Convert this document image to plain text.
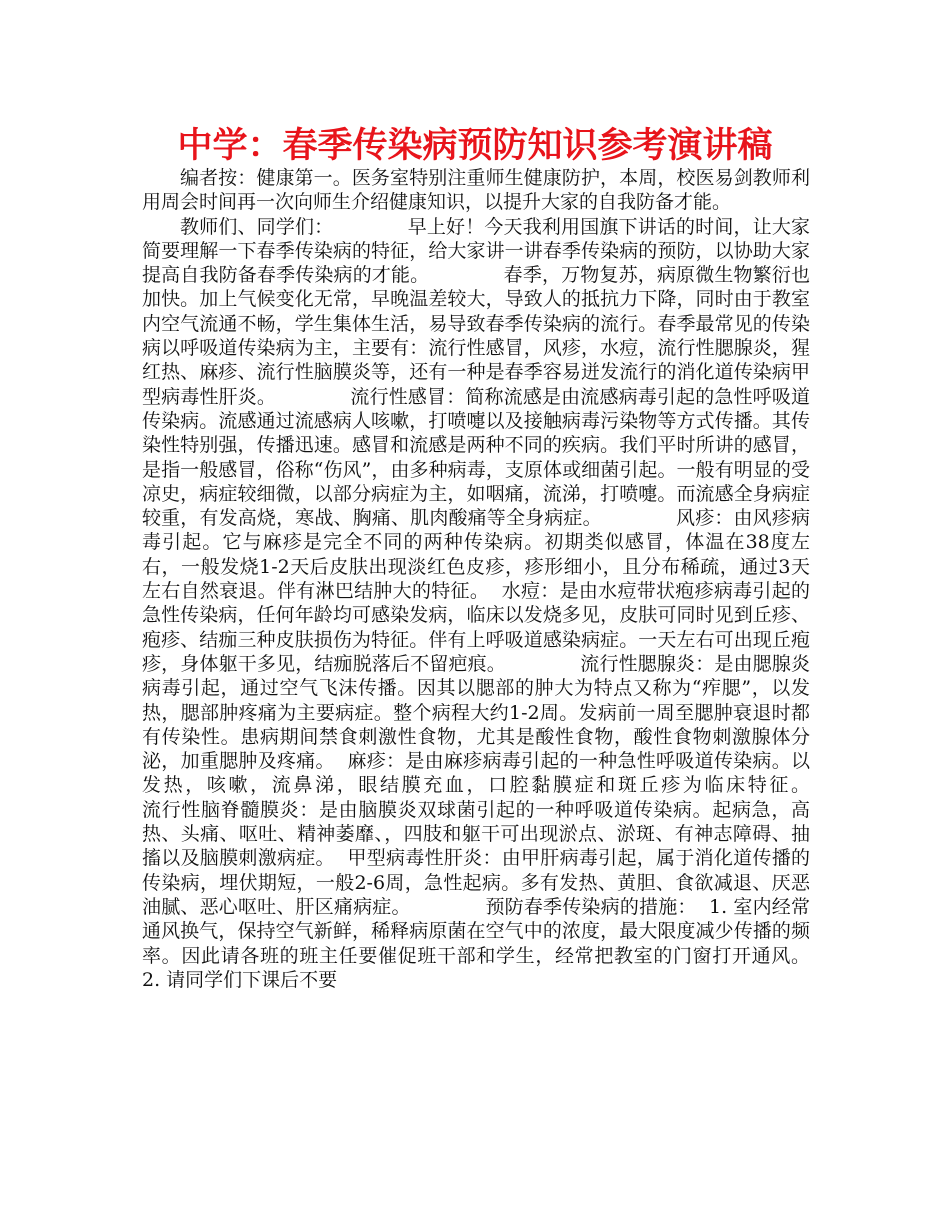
中学：春季传染病预防知识参考演讲稿

编者按：健康第一。医务室特别注重师生健康防护，本周，校医易剑教师利用周会时间再一次向师生介绍健康知识，以提升大家的自我防备才能。

教师们、同学们：            早上好！今天我利用国旗下讲话的时间，让大家简要理解一下春季传染病的特征，给大家讲一讲春季传染病的预防，以协助大家提高自我防备春季传染病的才能。            春季，万物复苏，病原微生物繁衍也加快。加上气候变化无常，早晚温差较大，导致人的抵抗力下降，同时由于教室内空气流通不畅，学生集体生活，易导致春季传染病的流行。春季最常见的传染病以呼吸道传染病为主，主要有：流行性感冒，风疹，水痘，流行性腮腺炎，猩红热、麻疹、流行性脑膜炎等，还有一种是春季容易迸发流行的消化道传染病甲型病毒性肝炎。            流行性感冒：简称流感是由流感病毒引起的急性呼吸道传染病。流感通过流感病人咳嗽，打喷嚏以及接触病毒污染物等方式传播。其传染性特别强，传播迅速。感冒和流感是两种不同的疾病。我们平时所讲的感冒，是指一般感冒，俗称“伤风”，由多种病毒，支原体或细菌引起。一般有明显的受凉史，病症较细微，以部分病症为主，如咽痛，流涕，打喷嚏。而流感全身病症较重，有发高烧，寒战、胸痛、肌肉酸痛等全身病症。            风疹：由风疹病毒引起。它与麻疹是完全不同的两种传染病。初期类似感冒，体温在38度左右，一般发烧1-2天后皮肤出现淡红色皮疹，疹形细小，且分布稀疏，通过3天左右自然衰退。伴有淋巴结肿大的特征。  水痘：是由水痘带状疱疹病毒引起的急性传染病，任何年龄均可感染发病，临床以发烧多见，皮肤可同时见到丘疹、疱疹、结痂三种皮肤损伤为特征。伴有上呼吸道感染病症。一天左右可出现丘疱疹，身体躯干多见，结痂脱落后不留疤痕。            流行性腮腺炎：是由腮腺炎病毒引起，通过空气飞沫传播。因其以腮部的肿大为特点又称为“痄腮”，以发热，腮部肿疼痛为主要病症。整个病程大约1-2周。发病前一周至腮肿衰退时都有传染性。患病期间禁食刺激性食物，尤其是酸性食物，酸性食物刺激腺体分泌，加重腮肿及疼痛。  麻疹：是由麻疹病毒引起的一种急性呼吸道传染病。以发热，咳嗽，流鼻涕，眼结膜充血，口腔黏膜症和斑丘疹为临床特征。            流行性脑脊髓膜炎：是由脑膜炎双球菌引起的一种呼吸道传染病。起病急，高热、头痛、呕吐、精神萎靡、，四肢和躯干可出现淤点、淤斑、有神志障碍、抽搐以及脑膜刺激病症。  甲型病毒性肝炎：由甲肝病毒引起，属于消化道传播的传染病，埋伏期短，一般2-6周，急性起病。多有发热、黄胆、食欲减退、厌恶油腻、恶心呕吐、肝区痛病症。            预防春季传染病的措施：  1. 室内经常通风换气，保持空气新鲜，稀释病原菌在空气中的浓度，最大限度减少传播的频率。因此请各班的班主任要催促班干部和学生，经常把教室的门窗打开通风。  2. 请同学们下课后不要
